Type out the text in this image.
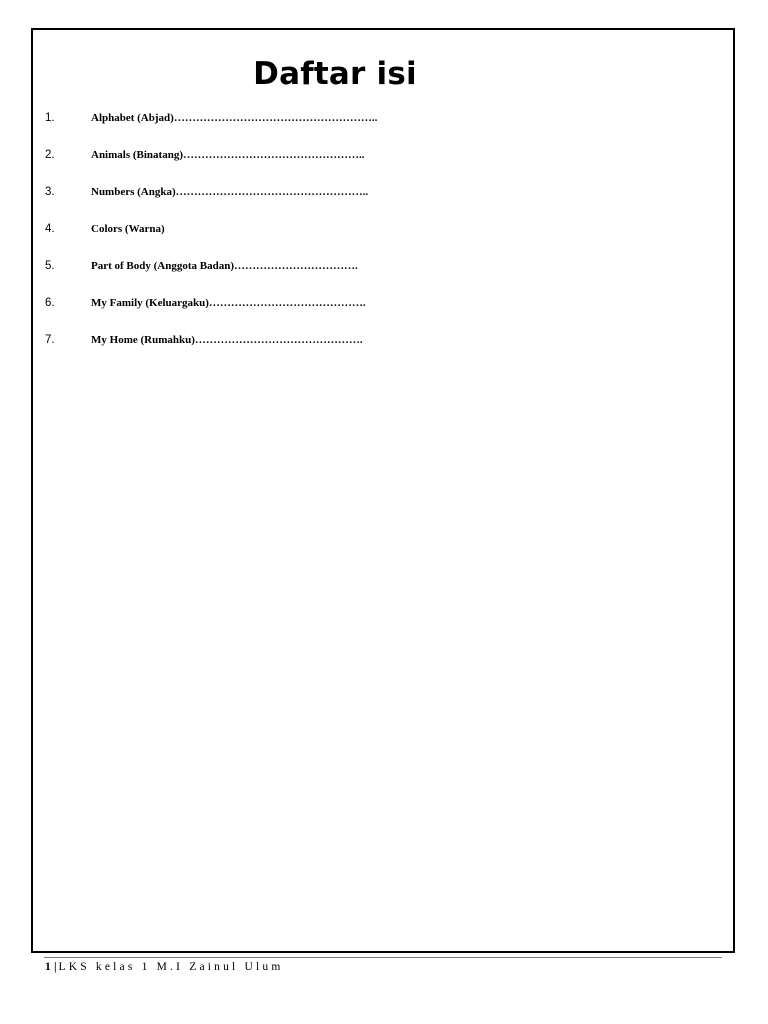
Daftar isi
1.	Alphabet (Abjad)………………………………………………..
2.	Animals (Binatang)…………………………………………..
3.	Numbers (Angka)……………………………………………..
4.	Colors (Warna)
5.	Part of Body (Anggota Badan)…………………………….
6.	My Family (Keluargaku)…………………………………….
7.	My Home (Rumahku)……………………………………….
1|LKS kelas 1 M.I Zainul Ulum
